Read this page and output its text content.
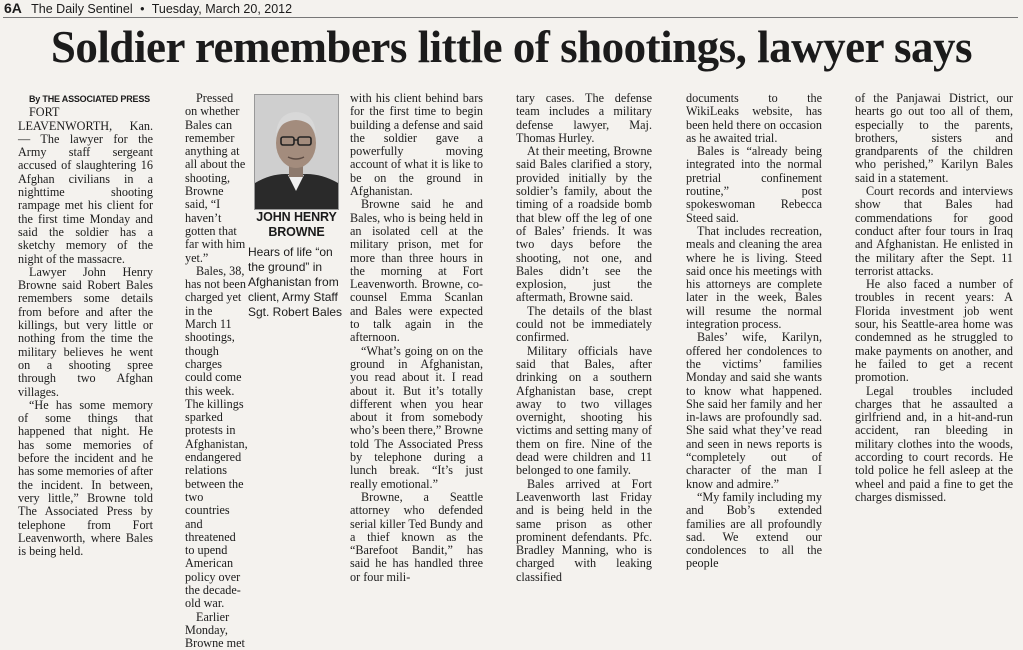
6A The Daily Sentinel • Tuesday, March 20, 2012
Soldier remembers little of shootings, lawyer says

By THE ASSOCIATED PRESS

FORT LEAVENWORTH, Kan. — The lawyer for the Army staff sergeant accused of slaughtering 16 Afghan civilians in a nighttime shooting rampage met his client for the first time Monday and said the soldier has a sketchy memory of the night of the massacre.

Lawyer John Henry Browne said Robert Bales remembers some details from before and after the killings, but very little or nothing from the time the military believes he went on a shooting spree through two Afghan villages.

“He has some memory of some things that happened that night. He has some memories of before the incident and he has some memories of after the incident. In between, very little,” Browne told The Associated Press by telephone from Fort Leavenworth, where Bales is being held.

Pressed on whether Bales can remember anything at all about the shooting, Browne said, “I haven’t gotten that far with him yet.”

Bales, 38, has not been charged yet in the March 11 shootings, though charges could come this week. The killings sparked protests in Afghanistan, endangered relations between the two countries and threatened to upend American policy over the decade-old war.

Earlier Monday, Browne met

JOHN HENRY BROWNE
Hears of life “on the ground” in Afghanistan from client, Army Staff Sgt. Robert Bales

with his client behind bars for the first time to begin building a defense and said the soldier gave a powerfully moving account of what it is like to be on the ground in Afghanistan.

Browne said he and Bales, who is being held in an isolated cell at the military prison, met for more than three hours in the morning at Fort Leavenworth. Browne, co-counsel Emma Scanlan and Bales were expected to talk again in the afternoon.

“What’s going on on the ground in Afghanistan, you read about it. I read about it. But it’s totally different when you hear about it from somebody who’s been there,” Browne told The Associated Press by telephone during a lunch break. “It’s just really emotional.”

Browne, a Seattle attorney who defended serial killer Ted Bundy and a thief known as the “Barefoot Bandit,” has said he has handled three or four mili-

tary cases. The defense team includes a military defense lawyer, Maj. Thomas Hurley.

At their meeting, Browne said Bales clarified a story, provided initially by the soldier’s family, about the timing of a roadside bomb that blew off the leg of one of Bales’ friends. It was two days before the shooting, not one, and Bales didn’t see the explosion, just the aftermath, Browne said.

The details of the blast could not be immediately confirmed.

Military officials have said that Bales, after drinking on a southern Afghanistan base, crept away to two villages overnight, shooting his victims and setting many of them on fire. Nine of the dead were children and 11 belonged to one family.

Bales arrived at Fort Leavenworth last Friday and is being held in the same prison as other prominent defendants. Pfc. Bradley Manning, who is charged with leaking classified

documents to the WikiLeaks website, has been held there on occasion as he awaited trial.

Bales is “already being integrated into the normal pretrial confinement routine,” post spokeswoman Rebecca Steed said.

That includes recreation, meals and cleaning the area where he is living. Steed said once his meetings with his attorneys are complete later in the week, Bales will resume the normal integration process.

Bales’ wife, Karilyn, offered her condolences to the victims’ families Monday and said she wants to know what happened. She said her family and her in-laws are profoundly sad. She said what they’ve read and seen in news reports is “completely out of character of the man I know and admire.”

“My family including my and Bob’s extended families are all profoundly sad. We extend our condolences to all the people

of the Panjawai District, our hearts go out too all of them, especially to the parents, brothers, sisters and grandparents of the children who perished,” Karilyn Bales said in a statement.

Court records and interviews show that Bales had commendations for good conduct after four tours in Iraq and Afghanistan. He enlisted in the military after the Sept. 11 terrorist attacks.

He also faced a number of troubles in recent years: A Florida investment job went sour, his Seattle-area home was condemned as he struggled to make payments on another, and he failed to get a recent promotion.

Legal troubles included charges that he assaulted a girlfriend and, in a hit-and-run accident, ran bleeding in military clothes into the woods, according to court records. He told police he fell asleep at the wheel and paid a fine to get the charges dismissed.
